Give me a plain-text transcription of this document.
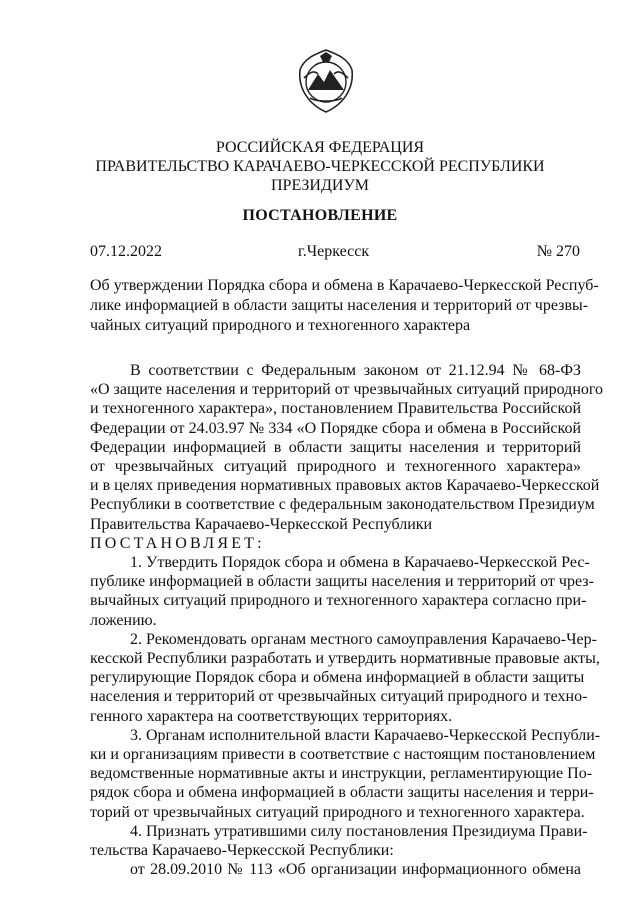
РОССИЙСКАЯ ФЕДЕРАЦИЯ
ПРАВИТЕЛЬСТВО КАРАЧАЕВО-ЧЕРКЕССКОЙ РЕСПУБЛИКИ
ПРЕЗИДИУМ
ПОСТАНОВЛЕНИЕ
07.12.2022	г.Черкесск	№ 270
Об утверждении Порядка сбора и обмена в Карачаево-Черкесской Респуб-
лике информацией в области защиты населения и территорий от чрезвы-
чайных ситуаций природного и техногенного характера
В соответствии с Федеральным законом от 21.12.94 № 68-ФЗ
«О защите населения и территорий от чрезвычайных ситуаций природного
и техногенного характера», постановлением Правительства Российской
Федерации от 24.03.97 № 334 «О Порядке сбора и обмена в Российской
Федерации информацией в области защиты населения и территорий
от чрезвычайных ситуаций природного и техногенного характера»
и в целях приведения нормативных правовых актов Карачаево-Черкесской
Республики в соответствие с федеральным законодательством Президиум
Правительства Карачаево-Черкесской Республики
ПОСТАНОВЛЯЕТ:
1. Утвердить Порядок сбора и обмена в Карачаево-Черкесской Рес-
публике информацией в области защиты населения и территорий от чрез-
вычайных ситуаций природного и техногенного характера согласно при-
ложению.
2. Рекомендовать органам местного самоуправления Карачаево-Чер-
кесской Республики разработать и утвердить нормативные правовые акты,
регулирующие Порядок сбора и обмена информацией в области защиты
населения и территорий от чрезвычайных ситуаций природного и техно-
генного характера на соответствующих территориях.
3. Органам исполнительной власти Карачаево-Черкесской Республи-
ки и организациям привести в соответствие с настоящим постановлением
ведомственные нормативные акты и инструкции, регламентирующие По-
рядок сбора и обмена информацией в области защиты населения и терри-
торий от чрезвычайных ситуаций природного и техногенного характера.
4. Признать утратившими силу постановления Президиума Прави-
тельства Карачаево-Черкесской Республики:
от 28.09.2010 № 113 «Об организации информационного обмена
